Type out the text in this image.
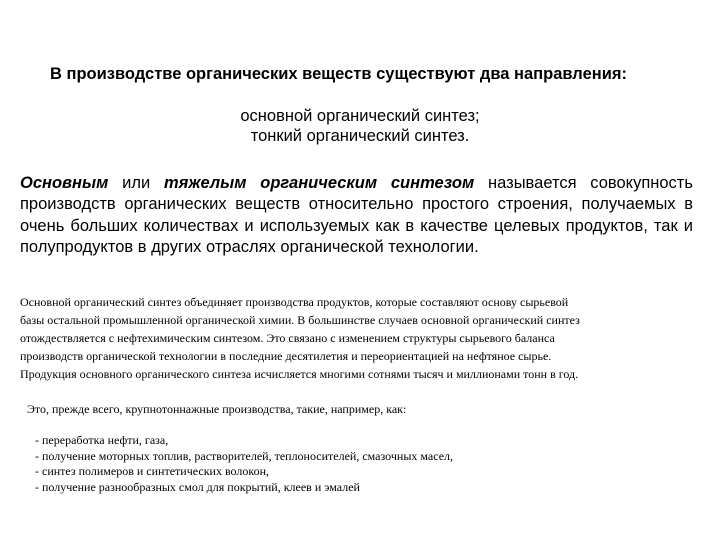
В производстве органических веществ существуют два направления:
основной органический синтез;
тонкий органический синтез.
Основным или тяжелым органическим синтезом называется совокупность производств органических веществ относительно простого строения, получаемых в очень больших количествах и используемых как в качестве целевых продуктов, так и полупродуктов в других отраслях органической технологии.
Основной органический синтез объединяет производства продуктов, которые составляют основу сырьевой
базы остальной промышленной органической химии. В большинстве случаев основной органический синтез
отождествляется с нефтехимическим синтезом. Это связано с изменением структуры сырьевого баланса
производств органической технологии в последние десятилетия и переориентацией на нефтяное сырье.
Продукция основного органического синтеза исчисляется многими сотнями тысяч и миллионами тонн в год.
Это, прежде всего, крупнотоннажные производства, такие, например, как:
- переработка нефти, газа,
- получение моторных топлив, растворителей, теплоносителей, смазочных масел,
- синтез полимеров и синтетических волокон,
- получение разнообразных смол для покрытий, клеев и эмалей
